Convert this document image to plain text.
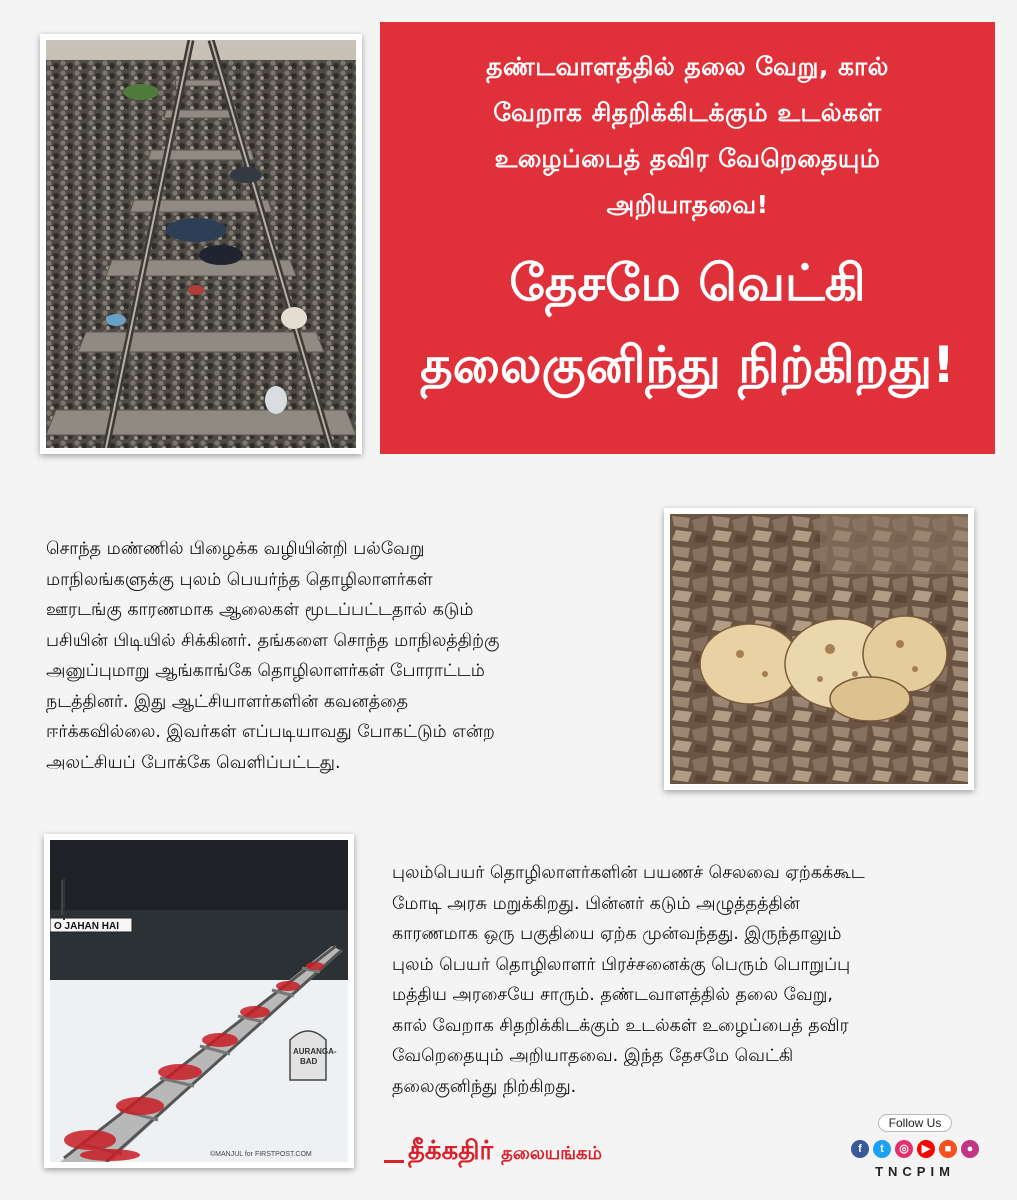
தண்டவாளத்தில் தலை வேறு, கால்
வேறாக சிதறிக்கிடக்கும் உடல்கள்
உழைப்பைத் தவிர வேறெதையும்
அறியாதவை!
தேசமே வெட்கி
தலைகுனிந்து நிற்கிறது!
சொந்த மண்ணில் பிழைக்க வழியின்றி பல்வேறு
மாநிலங்களுக்கு புலம் பெயர்ந்த தொழிலாளர்கள்
ஊரடங்கு காரணமாக ஆலைகள் மூடப்பட்டதால் கடும்
பசியின் பிடியில் சிக்கினர். தங்களை சொந்த மாநிலத்திற்கு
அனுப்புமாறு ஆங்காங்கே தொழிலாளர்கள் போராட்டம்
நடத்தினர். இது ஆட்சியாளர்களின் கவனத்தை
ஈர்க்கவில்லை. இவர்கள் எப்படியாவது போகட்டும் என்ற
அலட்சியப் போக்கே வெளிப்பட்டது.
O JAHAN HAI
AURANGA-
BAD
©MANJUL for FIRSTPOST.COM
புலம்பெயர் தொழிலாளர்களின் பயணச் செலவை ஏற்கக்கூட
மோடி அரசு மறுக்கிறது. பின்னர் கடும் அழுத்தத்தின்
காரணமாக ஒரு பகுதியை ஏற்க முன்வந்தது. இருந்தாலும்
புலம் பெயர் தொழிலாளர் பிரச்சனைக்கு பெரும் பொறுப்பு
மத்திய அரசையே சாரும். தண்டவாளத்தில் தலை வேறு,
கால் வேறாக சிதறிக்கிடக்கும் உடல்கள் உழைப்பைத் தவிர
வேறெதையும் அறியாதவை. இந்த தேசமே வெட்கி
தலைகுனிந்து நிற்கிறது.
தீக்கதிர் தலையங்கம்
Follow Us
f	t	◎	▶	■	●
TNCPIM
